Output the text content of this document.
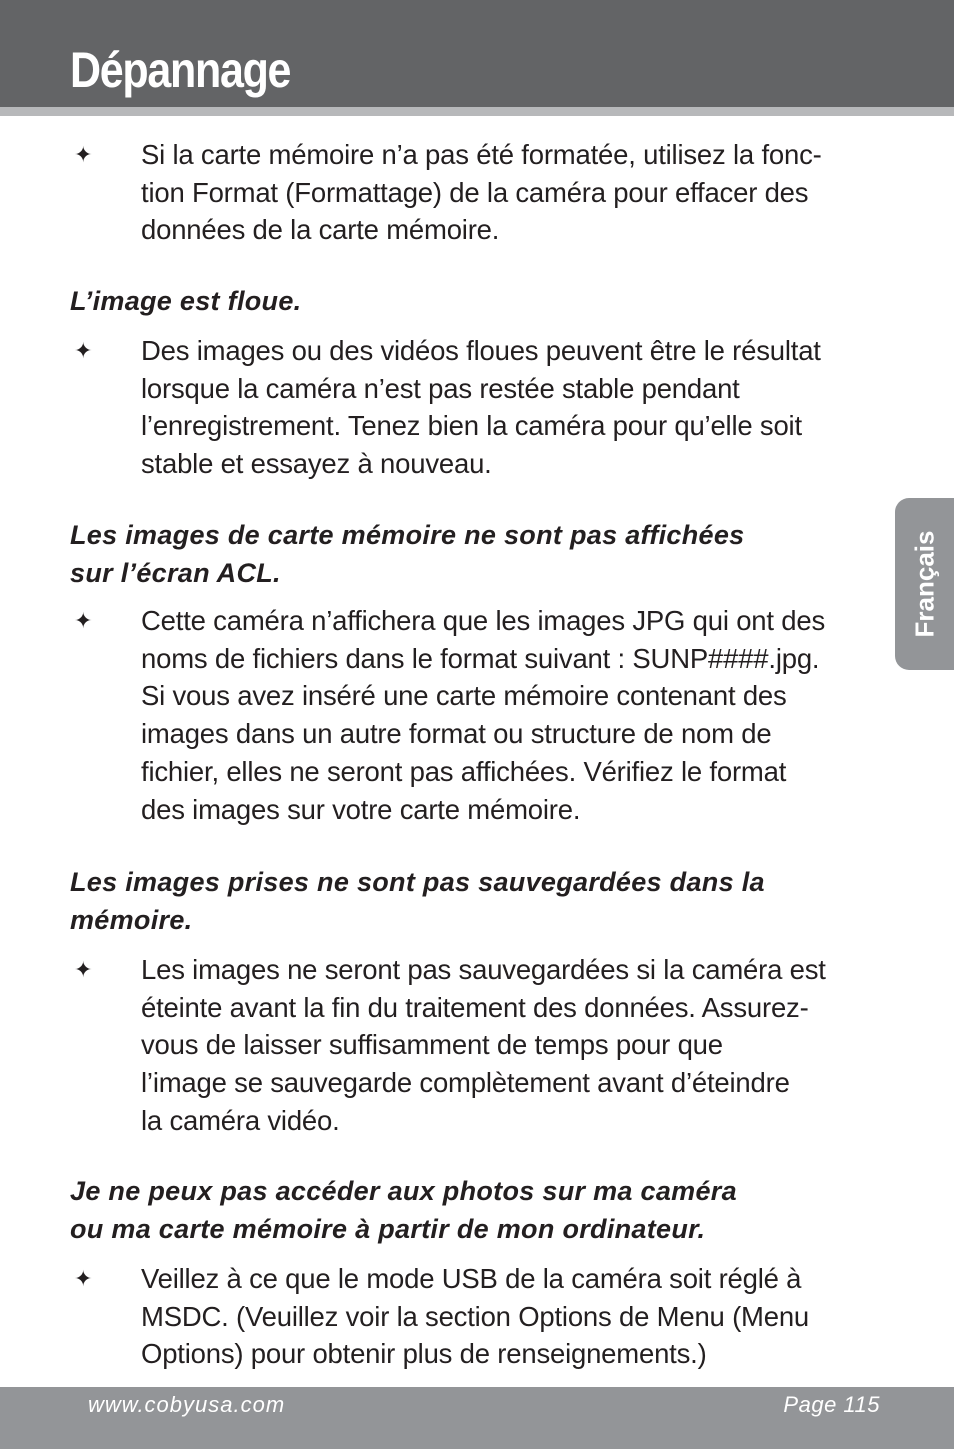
Dépannage
✦ Si la carte mémoire n’a pas été formatée, utilisez la fonc-
tion Format (Formattage) de la caméra pour effacer des
données de la carte mémoire.
L’image est floue.
✦ Des images ou des vidéos floues peuvent être le résultat
lorsque la caméra n’est pas restée stable pendant
l’enregistrement. Tenez bien la caméra pour qu’elle soit
stable et essayez à nouveau.
Les images de carte mémoire ne sont pas affichées
sur l’écran ACL.
✦ Cette caméra n’affichera que les images JPG qui ont des
noms de fichiers dans le format suivant : SUNP####.jpg.
Si vous avez inséré une carte mémoire contenant des
images dans un autre format ou structure de nom de
fichier, elles ne seront pas affichées. Vérifiez le format
des images sur votre carte mémoire.
Les images prises ne sont pas sauvegardées dans la
mémoire.
✦ Les images ne seront pas sauvegardées si la caméra est
éteinte avant la fin du traitement des données. Assurez-
vous de laisser suffisamment de temps pour que
l’image se sauvegarde complètement avant d’éteindre
la caméra vidéo.
Je ne peux pas accéder aux photos sur ma caméra
ou ma carte mémoire à partir de mon ordinateur.
✦ Veillez à ce que le mode USB de la caméra soit réglé à
MSDC. (Veuillez voir la section Options de Menu (Menu
Options) pour obtenir plus de renseignements.)
Français
www.cobyusa.com	Page 115
